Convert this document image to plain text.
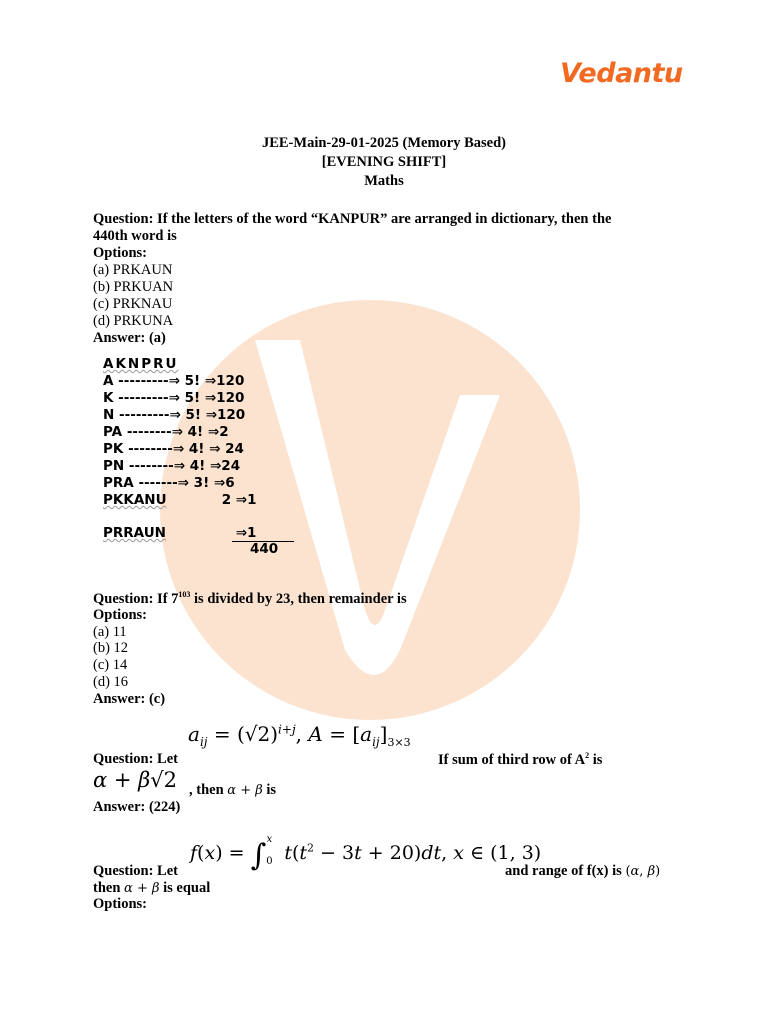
Vedantu
JEE-Main-29-01-2025 (Memory Based)
[EVENING SHIFT]
Maths
Question: If the letters of the word “KANPUR” are arranged in dictionary, then the
440th word is
Options:
(a) PRKAUN
(b) PRKUAN
(c) PRKNAU
(d) PRKUNA
Answer: (a)
AKNPRU
A ---------⇒ 5! ⇒120
K ---------⇒ 5! ⇒120
N ---------⇒ 5! ⇒120
PA --------⇒ 4! ⇒2
PK --------⇒ 4! ⇒ 24
PN --------⇒ 4! ⇒24
PRA -------⇒ 3! ⇒6
PKKANU	2 ⇒1
PRRAUN	⇒1
440
Question: If $7^{103}$ is divided by 23, then remainder is
Options:
(a) 11
(b) 12
(c) 14
(d) 16
Answer: (c)
Question: Let
$a_{ij} = (√2)^{i+j}$, $A = [a_{ij}]_{3\times 3}$
If sum of third row of $A^2$ is
α + β√2 , then α + β is
Answer: (224)
Question: Let
$f(x) = \int_0^x$ $t(t^2 - 3t + 20)dt$, x ∈ (1, 3)
and range of f(x) is (α, β)
then α + β is equal
Options:
